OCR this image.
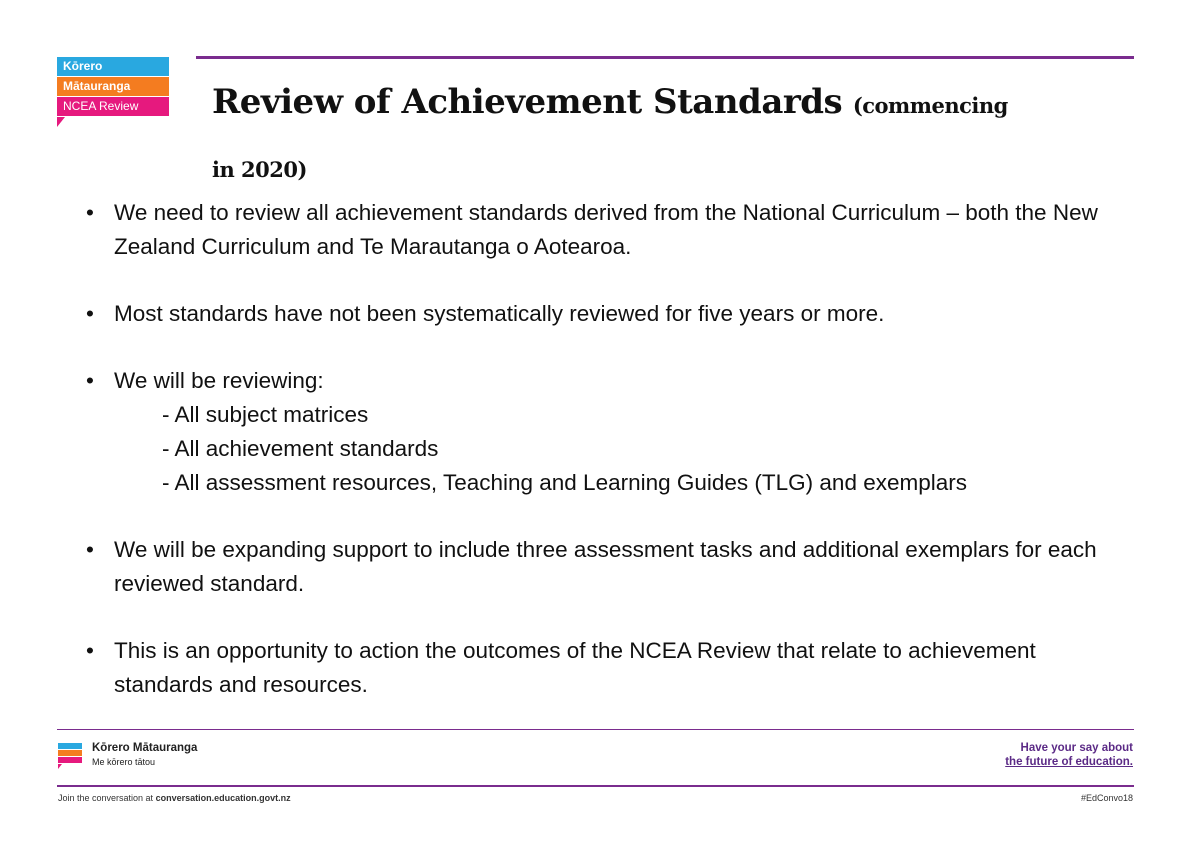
Kōrero
Mātauranga
NCEA Review	Review of Achievement Standards (commencing
in 2020)
• We need to review all achievement standards derived from the National Curriculum – both the New Zealand Curriculum and Te Marautanga o Aotearoa.
• Most standards have not been systematically reviewed for five years or more.
• We will be reviewing:
- All subject matrices
- All achievement standards
- All assessment resources, Teaching and Learning Guides (TLG) and exemplars
• We will be expanding support to include three assessment tasks and additional exemplars for each reviewed standard.
• This is an opportunity to action the outcomes of the NCEA Review that relate to achievement standards and resources.
Kōrero Mātauranga
Me kōrero tātou
Have your say about
the future of education.
Join the conversation at conversation.education.govt.nz	#EdConvo18
